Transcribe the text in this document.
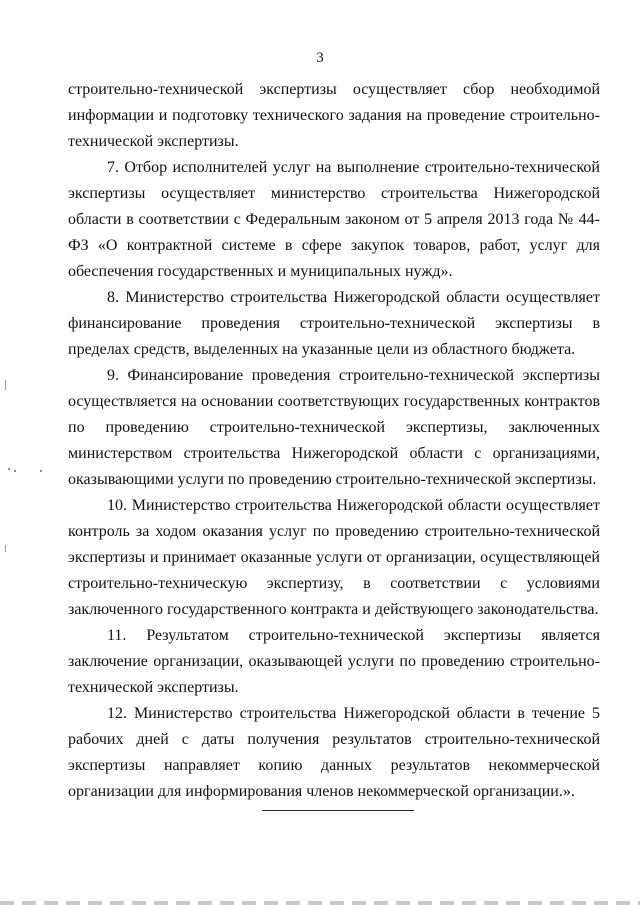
3

строительно-технической экспертизы осуществляет сбор необходимой информации и подготовку технического задания на проведение строительно-технической экспертизы.

7. Отбор исполнителей услуг на выполнение строительно-технической экспертизы осуществляет министерство строительства Нижегородской области в соответствии с Федеральным законом от 5 апреля 2013 года № 44-ФЗ «О контрактной системе в сфере закупок товаров, работ, услуг для обеспечения государственных и муниципальных нужд».

8. Министерство строительства Нижегородской области осуществляет финансирование проведения строительно-технической экспертизы в пределах средств, выделенных на указанные цели из областного бюджета.

9. Финансирование проведения строительно-технической экспертизы осуществляется на основании соответствующих государственных контрактов по проведению строительно-технической экспертизы, заключенных министерством строительства Нижегородской области с организациями, оказывающими услуги по проведению строительно-технической экспертизы.

10. Министерство строительства Нижегородской области осуществляет контроль за ходом оказания услуг по проведению строительно-технической экспертизы и принимает оказанные услуги от организации, осуществляющей строительно-техническую экспертизу, в соответствии с условиями заключенного государственного контракта и действующего законодательства.

11. Результатом строительно-технической экспертизы является заключение организации, оказывающей услуги по проведению строительно-технической экспертизы.

12. Министерство строительства Нижегородской области в течение 5 рабочих дней с даты получения результатов строительно-технической экспертизы направляет копию данных результатов некоммерческой организации для информирования членов некоммерческой организации.».
